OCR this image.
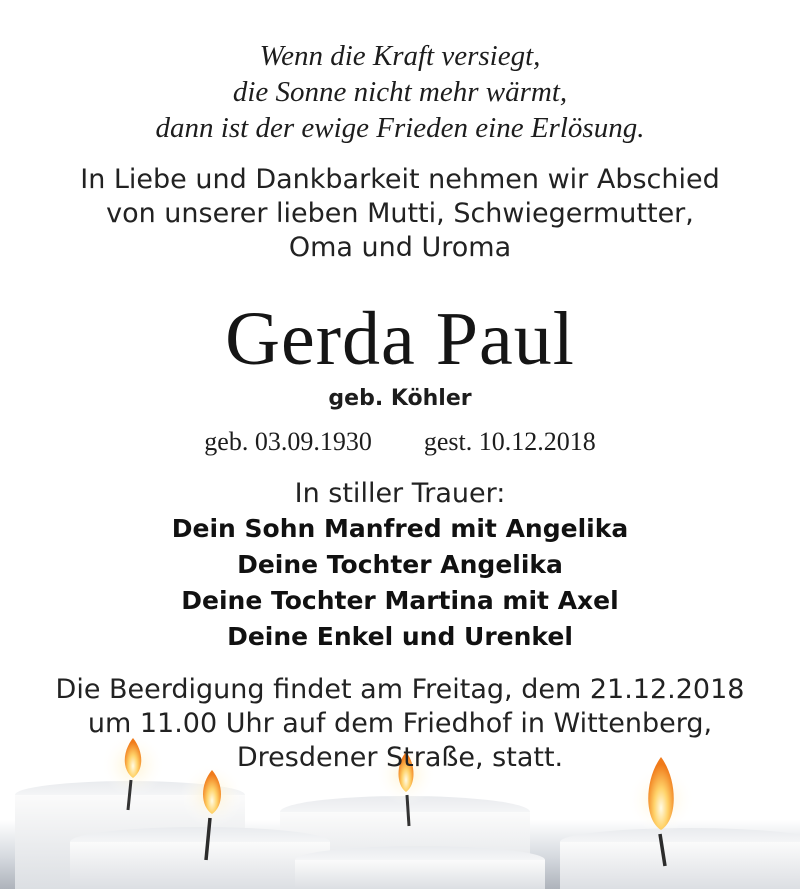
Wenn die Kraft versiegt,
die Sonne nicht mehr wärmt,
dann ist der ewige Frieden eine Erlösung.
In Liebe und Dankbarkeit nehmen wir Abschied
von unserer lieben Mutti, Schwiegermutter,
Oma und Uroma
Gerda Paul
geb. Köhler
geb. 03.09.1930 gest. 10.12.2018
In stiller Trauer:
Dein Sohn Manfred mit Angelika
Deine Tochter Angelika
Deine Tochter Martina mit Axel
Deine Enkel und Urenkel
Die Beerdigung findet am Freitag, dem 21.12.2018
um 11.00 Uhr auf dem Friedhof in Wittenberg,
Dresdener Straße, statt.
